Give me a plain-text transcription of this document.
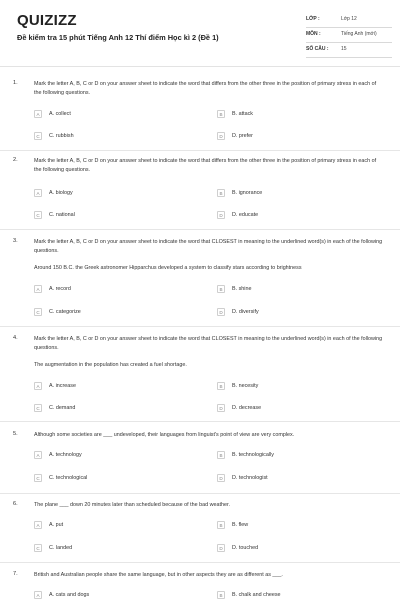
QUIZIZZ
Đề kiểm tra 15 phút Tiếng Anh 12 Thí điểm Học kì 2 (Đề 1)
LỚP :	Lớp 12
MÔN :	Tiếng Anh (mới)
SỐ CÂU :	15
1.	Mark the letter A, B, C or D on your answer sheet to indicate the word that differs from the other three in the position of primary stress in each of the following questions.
A	A. collect	B	B. attack
C	C. rubbish	D	D. prefer
2.	Mark the letter A, B, C or D on your answer sheet to indicate the word that differs from the other three in the position of primary stress in each of the following questions.
A	A. biology	B	B. ignorance
C	C. national	D	D. educate
3.	Mark the letter A, B, C or D on your answer sheet to indicate the word that CLOSEST in meaning to the underlined word(s) in each of the following questions.
Around 150 B.C. the Greek astronomer Hipparchus developed a system to classify stars according to brightness
A	A. record	B	B. shine
C	C. categorize	D	D. diversify
4.	Mark the letter A, B, C or D on your answer sheet to indicate the word that CLOSEST in meaning to the underlined word(s) in each of the following questions.
The augmentation in the population has created a fuel shortage.
A	A. increase	B	B. necesity
C	C. demand	D	D. decrease
5.	Although some societies are ___ undeveloped, their languages from linguist's point of view are very complex.
A	A. technology	B	B. technologically
C	C. technological	D	D. technologist
6.	The plane ___ down 20 minutes later than scheduled because of the bad weather.
A	A. put	B	B. flew
C	C. landed	D	D. touched
7.	British and Australian people share the same language, but in other aspects they are as different as ___.
A	A. cats and dogs	B	B. chalk and cheese
